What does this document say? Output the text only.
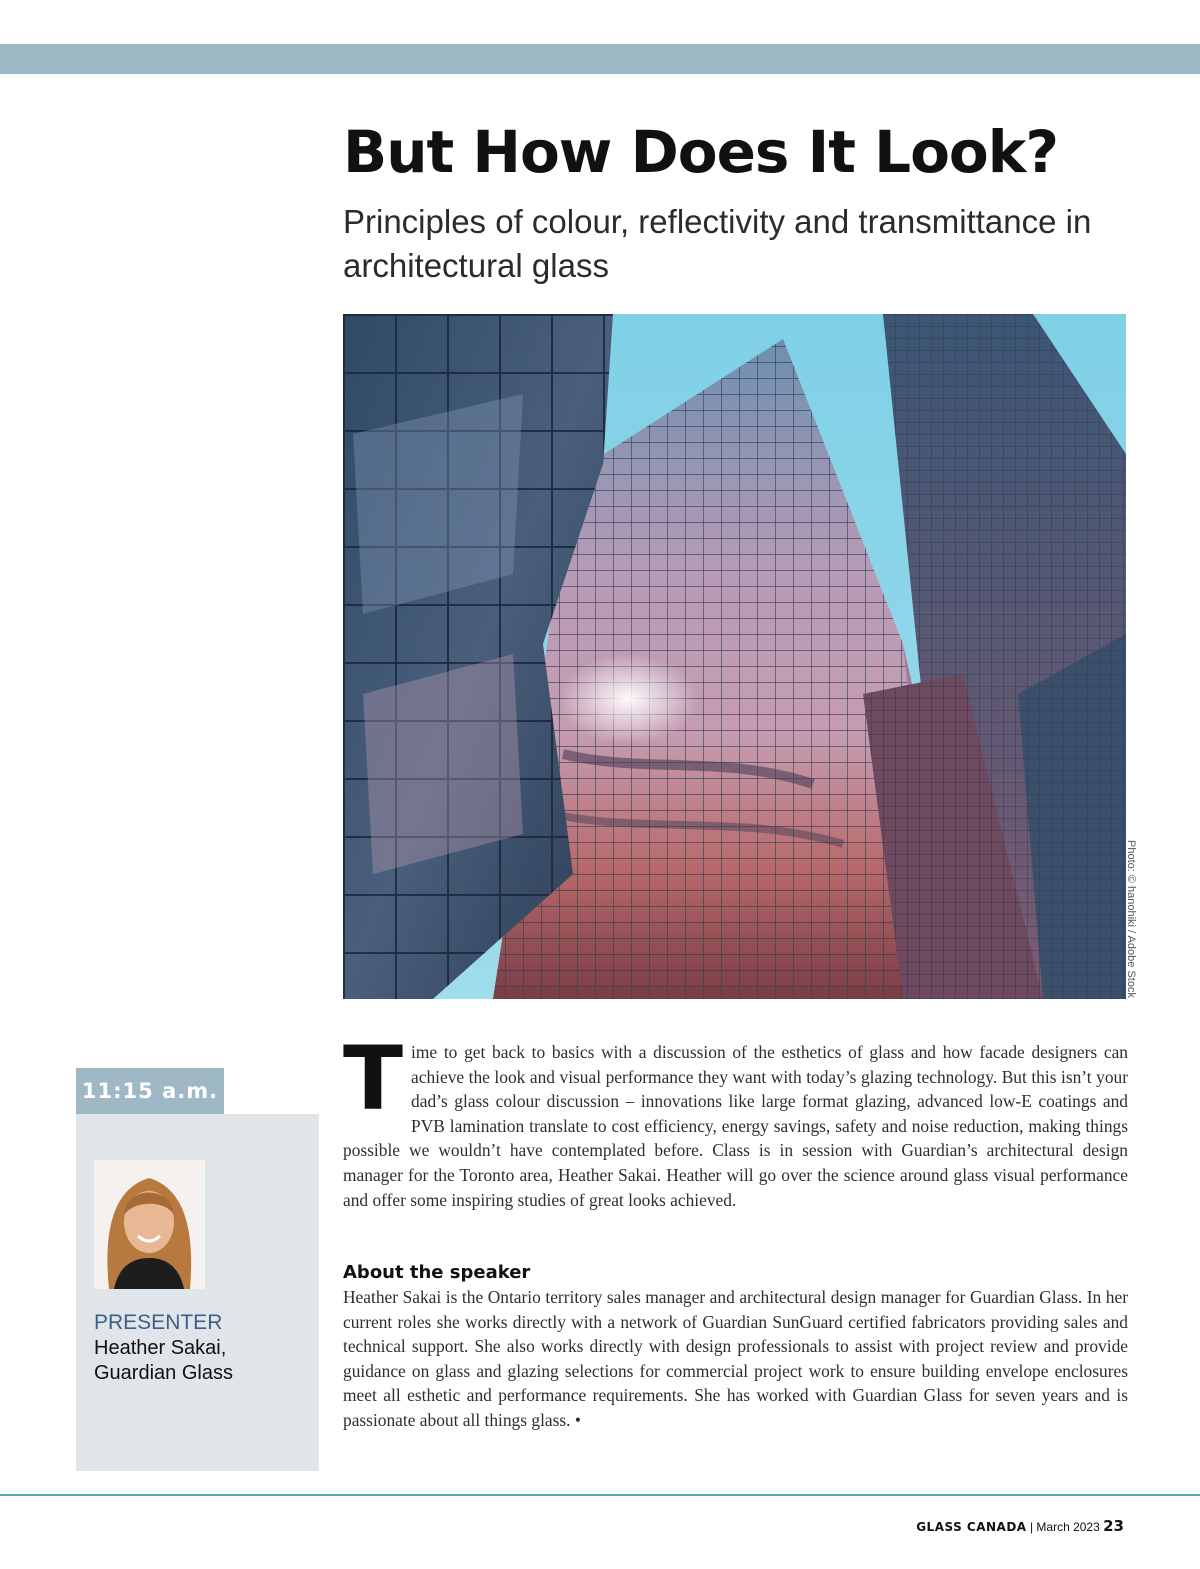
But How Does It Look?
Principles of colour, reflectivity and transmittance in architectural glass
Photo: © hanohiki / Adobe Stock
11:15 a.m.
PRESENTER
Heather Sakai,
Guardian Glass
Time to get back to basics with a discussion of the esthetics of glass and how facade designers can achieve the look and visual performance they want with today’s glazing technology. But this isn’t your dad’s glass colour discussion – innovations like large format glazing, advanced low-E coatings and PVB lamination translate to cost efficiency, energy savings, safety and noise reduction, making things possible we wouldn’t have contemplated before. Class is in session with Guardian’s architectural design manager for the Toronto area, Heather Sakai. Heather will go over the science around glass visual performance and offer some inspiring studies of great looks achieved.
About the speaker
Heather Sakai is the Ontario territory sales manager and architectural design manager for Guardian Glass. In her current roles she works directly with a network of Guardian SunGuard certified fabricators providing sales and technical support. She also works directly with design professionals to assist with project review and provide guidance on glass and glazing selections for commercial project work to ensure building envelope enclosures meet all esthetic and performance requirements. She has worked with Guardian Glass for seven years and is passionate about all things glass. •
GLASS CANADA | March 2023 23
